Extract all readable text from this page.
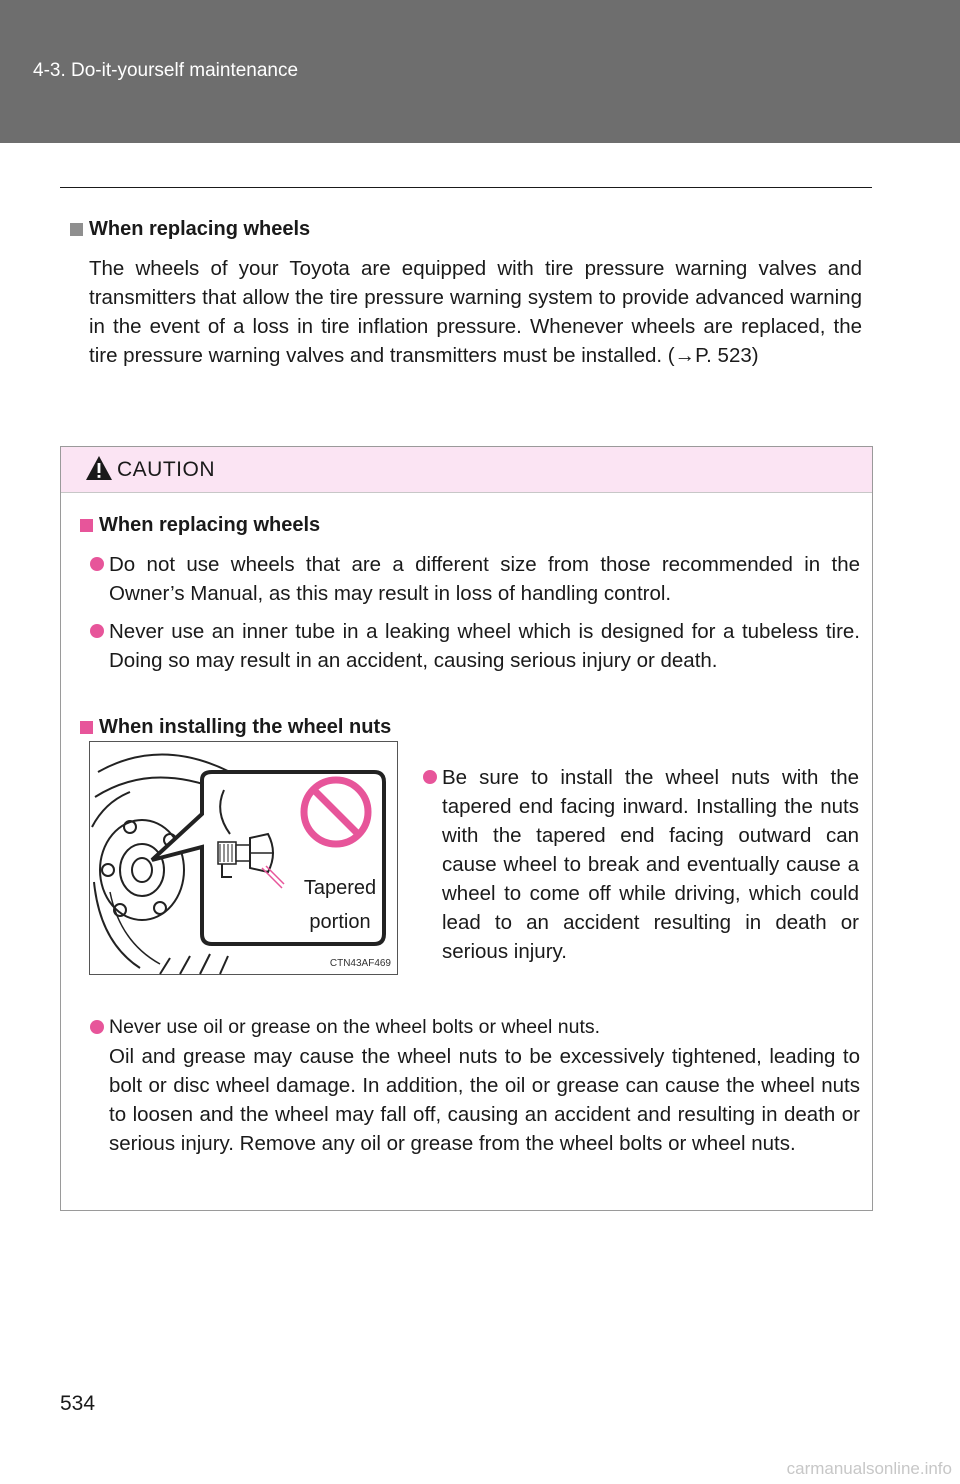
4-3. Do-it-yourself maintenance
When replacing wheels
The wheels of your Toyota are equipped with tire pressure warning valves and transmitters that allow the tire pressure warning system to provide advanced warning in the event of a loss in tire inflation pressure. Whenever wheels are replaced, the tire pressure warning valves and transmitters must be installed. (→P. 523)
CAUTION
When replacing wheels
Do not use wheels that are a different size from those recommended in the Owner’s Manual, as this may result in loss of handling control.
Never use an inner tube in a leaking wheel which is designed for a tubeless tire. Doing so may result in an accident, causing serious injury or death.
When installing the wheel nuts
Tapered
portion
CTN43AF469
Be sure to install the wheel nuts with the tapered end facing inward. Installing the nuts with the tapered end facing outward can cause wheel to break and eventually cause a wheel to come off while driving, which could lead to an accident resulting in death or serious injury.
Never use oil or grease on the wheel bolts or wheel nuts.
Oil and grease may cause the wheel nuts to be excessively tightened, leading to bolt or disc wheel damage. In addition, the oil or grease can cause the wheel nuts to loosen and the wheel may fall off, causing an accident and resulting in death or serious injury. Remove any oil or grease from the wheel bolts or wheel nuts.
534
carmanualsonline.info
